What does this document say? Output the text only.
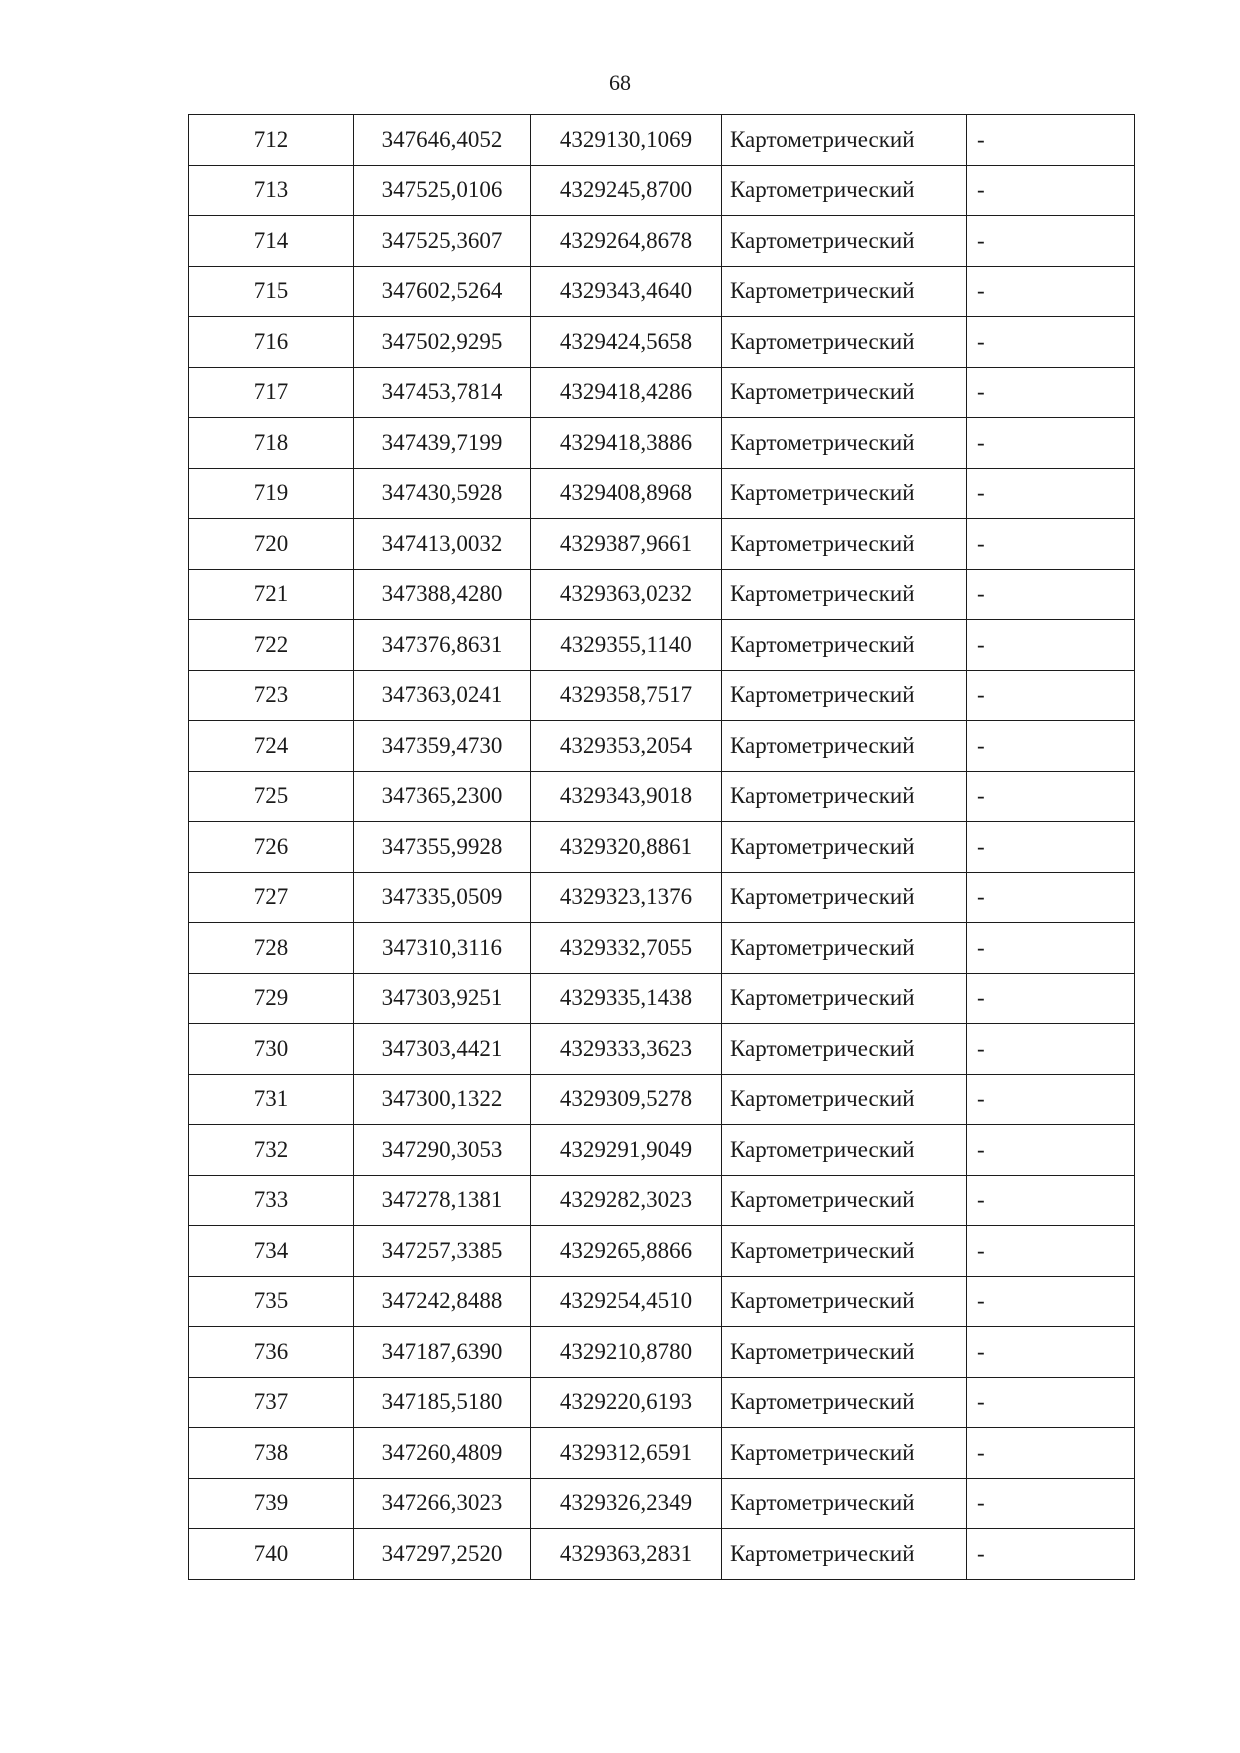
68
712	347646,4052	4329130,1069	Картометрический	-
713	347525,0106	4329245,8700	Картометрический	-
714	347525,3607	4329264,8678	Картометрический	-
715	347602,5264	4329343,4640	Картометрический	-
716	347502,9295	4329424,5658	Картометрический	-
717	347453,7814	4329418,4286	Картометрический	-
718	347439,7199	4329418,3886	Картометрический	-
719	347430,5928	4329408,8968	Картометрический	-
720	347413,0032	4329387,9661	Картометрический	-
721	347388,4280	4329363,0232	Картометрический	-
722	347376,8631	4329355,1140	Картометрический	-
723	347363,0241	4329358,7517	Картометрический	-
724	347359,4730	4329353,2054	Картометрический	-
725	347365,2300	4329343,9018	Картометрический	-
726	347355,9928	4329320,8861	Картометрический	-
727	347335,0509	4329323,1376	Картометрический	-
728	347310,3116	4329332,7055	Картометрический	-
729	347303,9251	4329335,1438	Картометрический	-
730	347303,4421	4329333,3623	Картометрический	-
731	347300,1322	4329309,5278	Картометрический	-
732	347290,3053	4329291,9049	Картометрический	-
733	347278,1381	4329282,3023	Картометрический	-
734	347257,3385	4329265,8866	Картометрический	-
735	347242,8488	4329254,4510	Картометрический	-
736	347187,6390	4329210,8780	Картометрический	-
737	347185,5180	4329220,6193	Картометрический	-
738	347260,4809	4329312,6591	Картометрический	-
739	347266,3023	4329326,2349	Картометрический	-
740	347297,2520	4329363,2831	Картометрический	-
